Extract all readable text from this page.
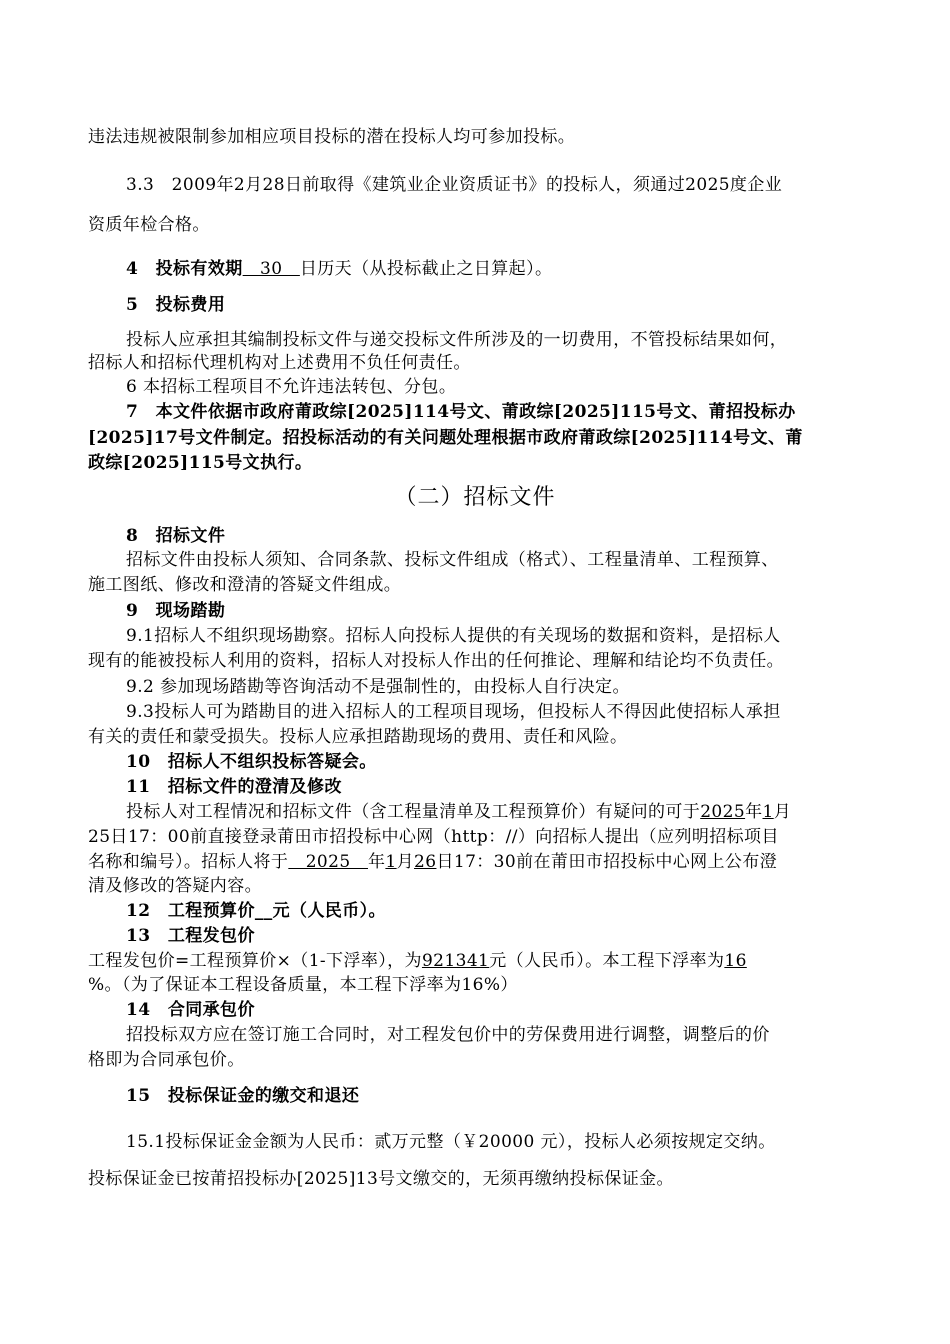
违法违规被限制参加相应项目投标的潜在投标人均可参加投标。
3.3　2009年2月28日前取得《建筑业企业资质证书》的投标人，须通过2025度企业
资质年检合格。
4　投标有效期　30　日历天（从投标截止之日算起）。
5　投标费用
投标人应承担其编制投标文件与递交投标文件所涉及的一切费用，不管投标结果如何，
招标人和招标代理机构对上述费用不负任何责任。
6 本招标工程项目不允许违法转包、分包。
7　本文件依据市政府莆政综[2025]114号文、莆政综[2025]115号文、莆招投标办
[2025]17号文件制定。招投标活动的有关问题处理根据市政府莆政综[2025]114号文、莆
政综[2025]115号文执行。
（二）招标文件
8　招标文件
招标文件由投标人须知、合同条款、投标文件组成（格式）、工程量清单、工程预算、
施工图纸、修改和澄清的答疑文件组成。
9　现场踏勘
9.1招标人不组织现场勘察。招标人向投标人提供的有关现场的数据和资料，是招标人
现有的能被投标人利用的资料，招标人对投标人作出的任何推论、理解和结论均不负责任。
9.2 参加现场踏勘等咨询活动不是强制性的，由投标人自行决定。
9.3投标人可为踏勘目的进入招标人的工程项目现场，但投标人不得因此使招标人承担
有关的责任和蒙受损失。投标人应承担踏勘现场的费用、责任和风险。
10　招标人不组织投标答疑会。
11　招标文件的澄清及修改
投标人对工程情况和招标文件（含工程量清单及工程预算价）有疑问的可于2025年1月
25日17：00前直接登录莆田市招投标中心网（http：//）向招标人提出（应列明招标项目
名称和编号）。招标人将于　2025　年1月26日17：30前在莆田市招投标中心网上公布澄
清及修改的答疑内容。
12　工程预算价__元（人民币）。
13　工程发包价
工程发包价=工程预算价×（1-下浮率），为921341元（人民币）。本工程下浮率为16
%。（为了保证本工程设备质量，本工程下浮率为16%）
14　合同承包价
招投标双方应在签订施工合同时，对工程发包价中的劳保费用进行调整，调整后的价
格即为合同承包价。
15　投标保证金的缴交和退还
15.1投标保证金金额为人民币：贰万元整（￥20000 元），投标人必须按规定交纳。
投标保证金已按莆招投标办[2025]13号文缴交的，无须再缴纳投标保证金。
